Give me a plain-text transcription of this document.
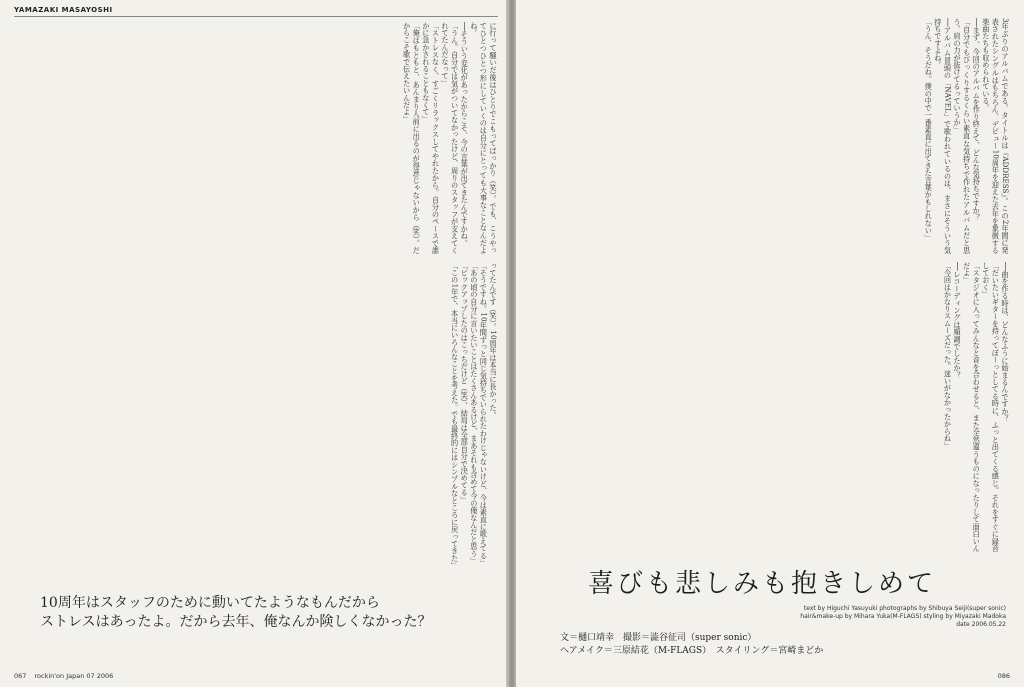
YAMAZAKI MASAYOSHI
に行って騒いだ後はひとりでこもってばっかり（笑）。でも、こうやってひとつひとつ形にしていくのは自分にとっても大事なことなんだよね。
──そういう変化があったからこそ、今の言葉が出てきたんですかね。
「うん。自分では気がついてなかったけど、周りのスタッフが支えてくれてたんだなって」
「ストレスなく、すごくリラックスしてやれたから。自分のペースで誰かに急かされることもなくて」
「俺はもともと、あんまり人前に出るのが得意じゃないから（笑）。だからこそ歌で伝えたいんだよ」
ってたんです（笑）。10周年は本当に長かった。
「そうですね。10年間ずっと同じ気持ちでいられたわけじゃないけど、今は素直に歌えてる」
「あの頃の自分に言いたいことはたくさんあるけど、まあそれも含めて今の俺なんだと思う」
「ピックアップしたのはこっちだけど（笑）、結局は全部自分で決めてる」
「この1年で、本当にいろんなことを考えた。でも最終的にはシンプルなところに戻ってきた」
10周年はスタッフのために動いてたようなもんだから
ストレスはあったよ。だから去年、俺なんか険しくなかった？
067 rockin'on Japan 07 2006
3年ぶりのアルバムである。タイトルは『ADDRESS』。この2年間に発表されたシングルはもちろん、デビュー10周年を迎えた去年を象徴する楽曲たちも収められている。
──まず、今回のアルバムを作り終えて、どんな気持ちですか？
「自分でもびっくりするくらい素直な気持ちで作れたアルバムだと思う。肩の力が抜けてるっていうか」
──アルバム冒頭の「NAVEL」で歌われているのは、まさにそういう気持ちですよね。
「うん、そうだね。僕の中で一番素直に出てきた言葉かもしれない」
──曲を作る時は、どんなふうに始まるんですか？
「だいたいギターを持ってぼーっとしてる時に、ふっと出てくる感じ。それをすぐに録音しておく」
「スタジオに入ってみんなと音を合わせると、また全然違うものになったりして面白いんだよ」
──レコーディングは順調でしたか？
「今回はかなりスムーズだった。迷いがなかったからね」
086
喜びも悲しみも抱きしめて
text by Higuchi Yasuyuki photographs by Shibuya Seiji(super sonic)
hair&make-up by Mihara Yuka(M-FLAGS) styling by Miyazaki Madoka
date 2006.05.22
文＝樋口靖幸　撮影＝澁谷征司（super sonic）
ヘアメイク＝三原結花（M-FLAGS）　スタイリング＝宮崎まどか
